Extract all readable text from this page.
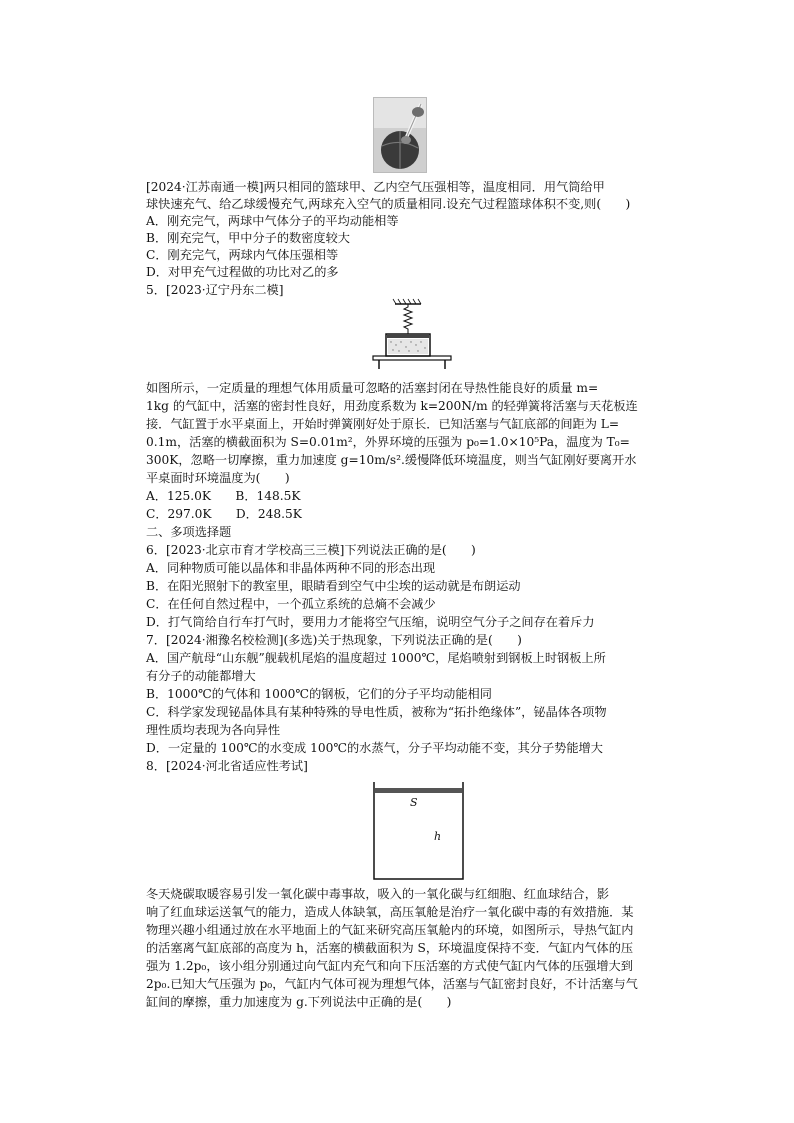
[2024·江苏南通一模]两只相同的篮球甲、乙内空气压强相等，温度相同．用气筒给甲
球快速充气、给乙球缓慢充气,两球充入空气的质量相同.设充气过程篮球体积不变,则(　　)
A．刚充完气，两球中气体分子的平均动能相等
B．刚充完气，甲中分子的数密度较大
C．刚充完气，两球内气体压强相等
D．对甲充气过程做的功比对乙的多
5．[2023·辽宁丹东二模]
如图所示，一定质量的理想气体用质量可忽略的活塞封闭在导热性能良好的质量 m=
1kg 的气缸中，活塞的密封性良好，用劲度系数为 k=200N/m 的轻弹簧将活塞与天花板连
接．气缸置于水平桌面上，开始时弹簧刚好处于原长．已知活塞与气缸底部的间距为 L=
0.1m，活塞的横截面积为 S=0.01m²，外界环境的压强为 p₀=1.0×10⁵Pa，温度为 T₀=
300K，忽略一切摩擦，重力加速度 g=10m/s².缓慢降低环境温度，则当气缸刚好要离开水
平桌面时环境温度为(　　)
A．125.0K　　B．148.5K
C．297.0K　　D．248.5K
二、多项选择题
6．[2023·北京市育才学校高三三模]下列说法正确的是(　　)
A．同种物质可能以晶体和非晶体两种不同的形态出现
B．在阳光照射下的教室里，眼睛看到空气中尘埃的运动就是布朗运动
C．在任何自然过程中，一个孤立系统的总熵不会减少
D．打气筒给自行车打气时，要用力才能将空气压缩，说明空气分子之间存在着斥力
7．[2024·湘豫名校检测](多选)关于热现象，下列说法正确的是(　　)
A．国产航母“山东舰”舰载机尾焰的温度超过 1000℃，尾焰喷射到钢板上时钢板上所
有分子的动能都增大
B．1000℃的气体和 1000℃的钢板，它们的分子平均动能相同
C．科学家发现铋晶体具有某种特殊的导电性质，被称为“拓扑绝缘体”，铋晶体各项物
理性质均表现为各向异性
D．一定量的 100℃的水变成 100℃的水蒸气，分子平均动能不变，其分子势能增大
8．[2024·河北省适应性考试]
S
h
冬天烧碳取暖容易引发一氧化碳中毒事故，吸入的一氧化碳与红细胞、红血球结合，影
响了红血球运送氧气的能力，造成人体缺氧，高压氧舱是治疗一氧化碳中毒的有效措施．某
物理兴趣小组通过放在水平地面上的气缸来研究高压氧舱内的环境，如图所示，导热气缸内
的活塞离气缸底部的高度为 h，活塞的横截面积为 S，环境温度保持不变．气缸内气体的压
强为 1.2p₀，该小组分别通过向气缸内充气和向下压活塞的方式使气缸内气体的压强增大到
2p₀.已知大气压强为 p₀，气缸内气体可视为理想气体，活塞与气缸密封良好，不计活塞与气
缸间的摩擦，重力加速度为 g.下列说法中正确的是(　　)
